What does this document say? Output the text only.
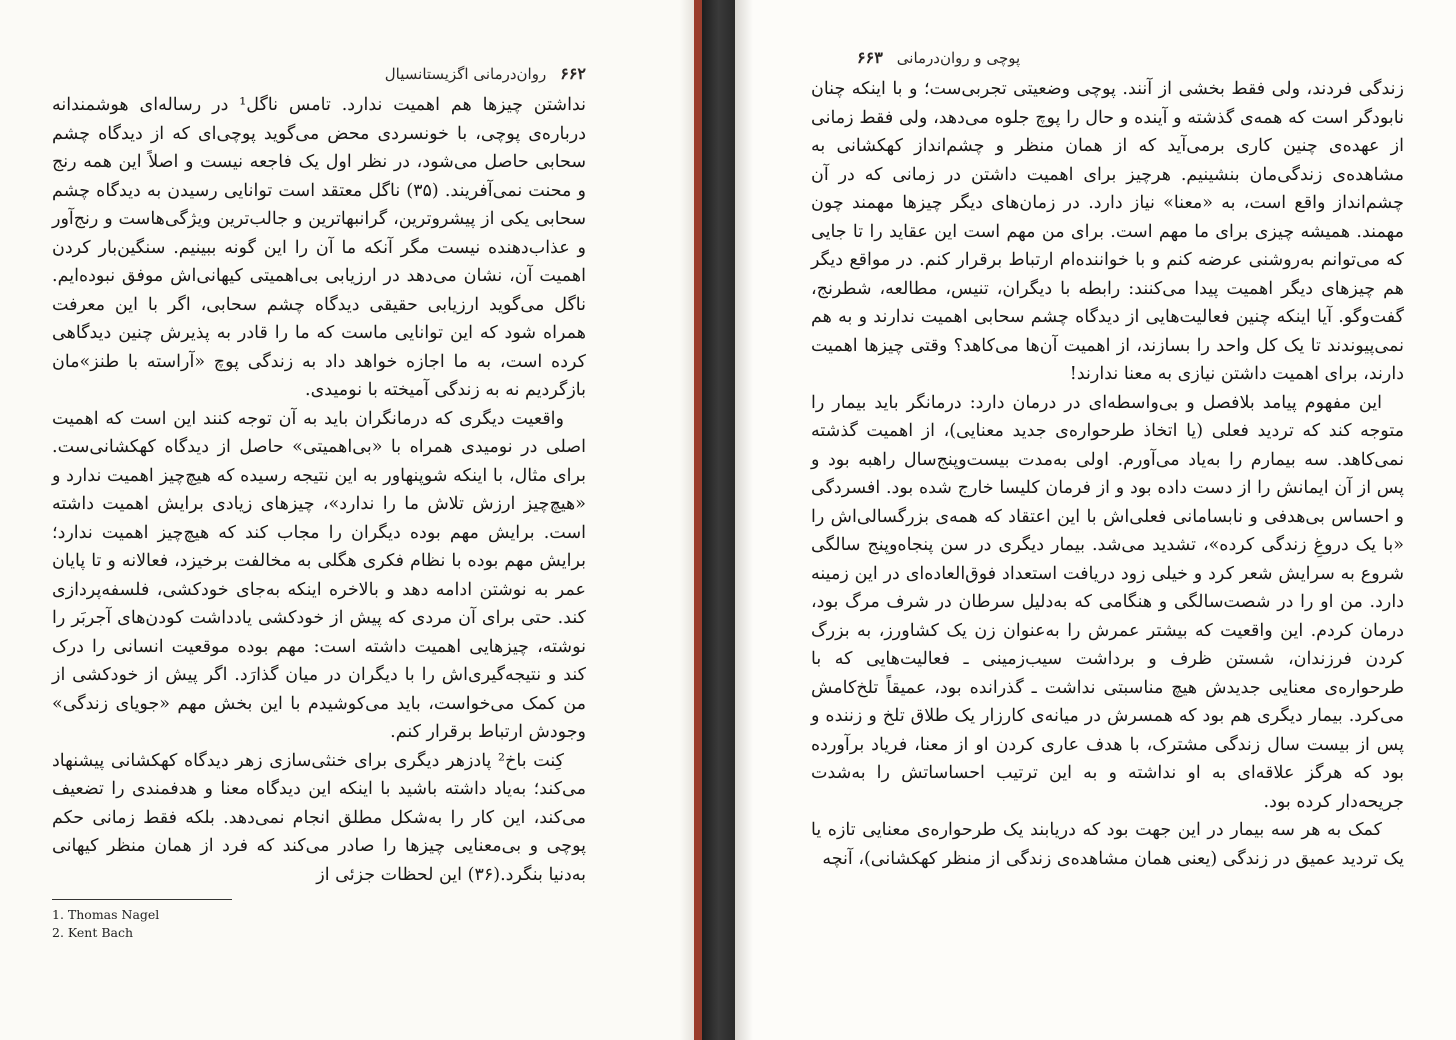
روان‌درمانی اگزیستانسیال ۶۶۲

نداشتن چیزها هم اهمیت ندارد. تامس ناگل¹ در رساله‌ای هوشمندانه درباره‌ی پوچی، با خونسردی محض می‌گوید پوچی‌ای که از دیدگاه چشم سحابی حاصل می‌شود، در نظر اول یک فاجعه نیست و اصلاً این همه رنج و محنت نمی‌آفریند. (۳۵) ناگل معتقد است توانایی رسیدن به دیدگاه چشم سحابی یکی از پیشروترین، گرانبهاترین و جالب‌ترین ویژگی‌هاست و رنج‌آور و عذاب‌دهنده نیست مگر آنکه ما آن را این گونه ببینیم. سنگین‌بار کردن اهمیت آن، نشان می‌دهد در ارزیابی بی‌اهمیتی کیهانی‌اش موفق نبوده‌ایم. ناگل می‌گوید ارزیابی حقیقی دیدگاه چشم سحابی، اگر با این معرفت همراه شود که این توانایی ماست که ما را قادر به پذیرش چنین دیدگاهی کرده است، به ما اجازه خواهد داد به زندگی پوچ «آراسته با طنز»مان بازگردیم نه به زندگی آمیخته با نومیدی.

واقعیت دیگری که درمانگران باید به آن توجه کنند این است که اهمیت اصلی در نومیدی همراه با «بی‌اهمیتی» حاصل از دیدگاه کهکشانی‌ست. برای مثال، با اینکه شوپنهاور به این نتیجه رسیده که هیچ‌چیز اهمیت ندارد و «هیچ‌چیز ارزش تلاش ما را ندارد»، چیزهای زیادی برایش اهمیت داشته است. برایش مهم بوده دیگران را مجاب کند که هیچ‌چیز اهمیت ندارد؛ برایش مهم بوده با نظام فکری هگلی به مخالفت برخیزد، فعالانه و تا پایان عمر به نوشتن ادامه دهد و بالاخره اینکه به‌جای خودکشی، فلسفه‌پردازی کند. حتی برای آن مردی که پیش از خودکشی یادداشت کودن‌های آجربَر را نوشته، چیزهایی اهمیت داشته است: مهم بوده موقعیت انسانی را درک کند و نتیجه‌گیری‌اش را با دیگران در میان گذارَد. اگر پیش از خودکشی از من کمک می‌خواست، باید می‌کوشیدم با این بخش مهم «جویای زندگی» وجودش ارتباط برقرار کنم.

کِنت باخ² پادزهر دیگری برای خنثی‌سازی زهر دیدگاه کهکشانی پیشنهاد می‌کند؛ به‌یاد داشته باشید با اینکه این دیدگاه معنا و هدفمندی را تضعیف می‌کند، این کار را به‌شکل مطلق انجام نمی‌دهد. بلکه فقط زمانی حکم پوچی و بی‌معنایی چیزها را صادر می‌کند که فرد از همان منظر کیهانی به‌دنیا بنگرد.(۳۶) این لحظات جزئی از

1. Thomas Nagel
2. Kent Bach
۶۶۳ پوچی و روان‌درمانی

زندگی فردند، ولی فقط بخشی از آنند. پوچی وضعیتی تجربی‌ست؛ و با اینکه چنان نابودگر است که همه‌ی گذشته و آینده و حال را پوچ جلوه می‌دهد، ولی فقط زمانی از عهده‌ی چنین کاری برمی‌آید که از همان منظر و چشم‌انداز کهکشانی به مشاهده‌ی زندگی‌مان بنشینیم. هرچیز برای اهمیت داشتن در زمانی که در آن چشم‌انداز واقع است، به «معنا» نیاز دارد. در زمان‌های دیگر چیزها مهمند چون مهمند. همیشه چیزی برای ما مهم است. برای من مهم است این عقاید را تا جایی که می‌توانم به‌روشنی عرضه کنم و با خواننده‌ام ارتباط برقرار کنم. در مواقع دیگر هم چیزهای دیگر اهمیت پیدا می‌کنند: رابطه با دیگران، تنیس، مطالعه، شطرنج، گفت‌وگو. آیا اینکه چنین فعالیت‌هایی از دیدگاه چشم سحابی اهمیت ندارند و به هم نمی‌پیوندند تا یک کل واحد را بسازند، از اهمیت آن‌ها می‌کاهد؟ وقتی چیزها اهمیت دارند، برای اهمیت داشتن نیازی به معنا ندارند!

این مفهوم پیامد بلافصل و بی‌واسطه‌ای در درمان دارد: درمانگر باید بیمار را متوجه کند که تردید فعلی (یا اتخاذ طرحواره‌ی جدید معنایی)، از اهمیت گذشته نمی‌کاهد. سه بیمارم را به‌یاد می‌آورم. اولی به‌مدت بیست‌وپنج‌سال راهبه بود و پس از آن ایمانش را از دست داده بود و از فرمان کلیسا خارج شده بود. افسردگی و احساس بی‌هدفی و نابسامانی فعلی‌اش با این اعتقاد که همه‌ی بزرگسالی‌اش را «با یک دروغِ زندگی کرده»، تشدید می‌شد. بیمار دیگری در سن پنجاه‌وپنج سالگی شروع به سرایش شعر کرد و خیلی زود دریافت استعداد فوق‌العاده‌ای در این زمینه دارد. من او را در شصت‌سالگی و هنگامی که به‌دلیل سرطان در شرف مرگ بود، درمان کردم. این واقعیت که بیشتر عمرش را به‌عنوان زن یک کشاورز، به بزرگ کردن فرزندان، شستن ظرف و برداشت سیب‌زمینی ـ فعالیت‌هایی که با طرحواره‌ی معنایی جدیدش هیچ مناسبتی نداشت ـ گذرانده بود، عمیقاً تلخ‌کامش می‌کرد. بیمار دیگری هم بود که همسرش در میانه‌ی کارزار یک طلاق تلخ و زننده و پس از بیست سال زندگی مشترک، با هدف عاری کردن او از معنا، فریاد برآورده بود که هرگز علاقه‌ای به او نداشته و به این ترتیب احساساتش را به‌شدت جریحه‌دار کرده بود.

کمک به هر سه بیمار در این جهت بود که دریابند یک طرحواره‌ی معنایی تازه یا یک تردید عمیق در زندگی (یعنی همان مشاهده‌ی زندگی از منظر کهکشانی)، آنچه
